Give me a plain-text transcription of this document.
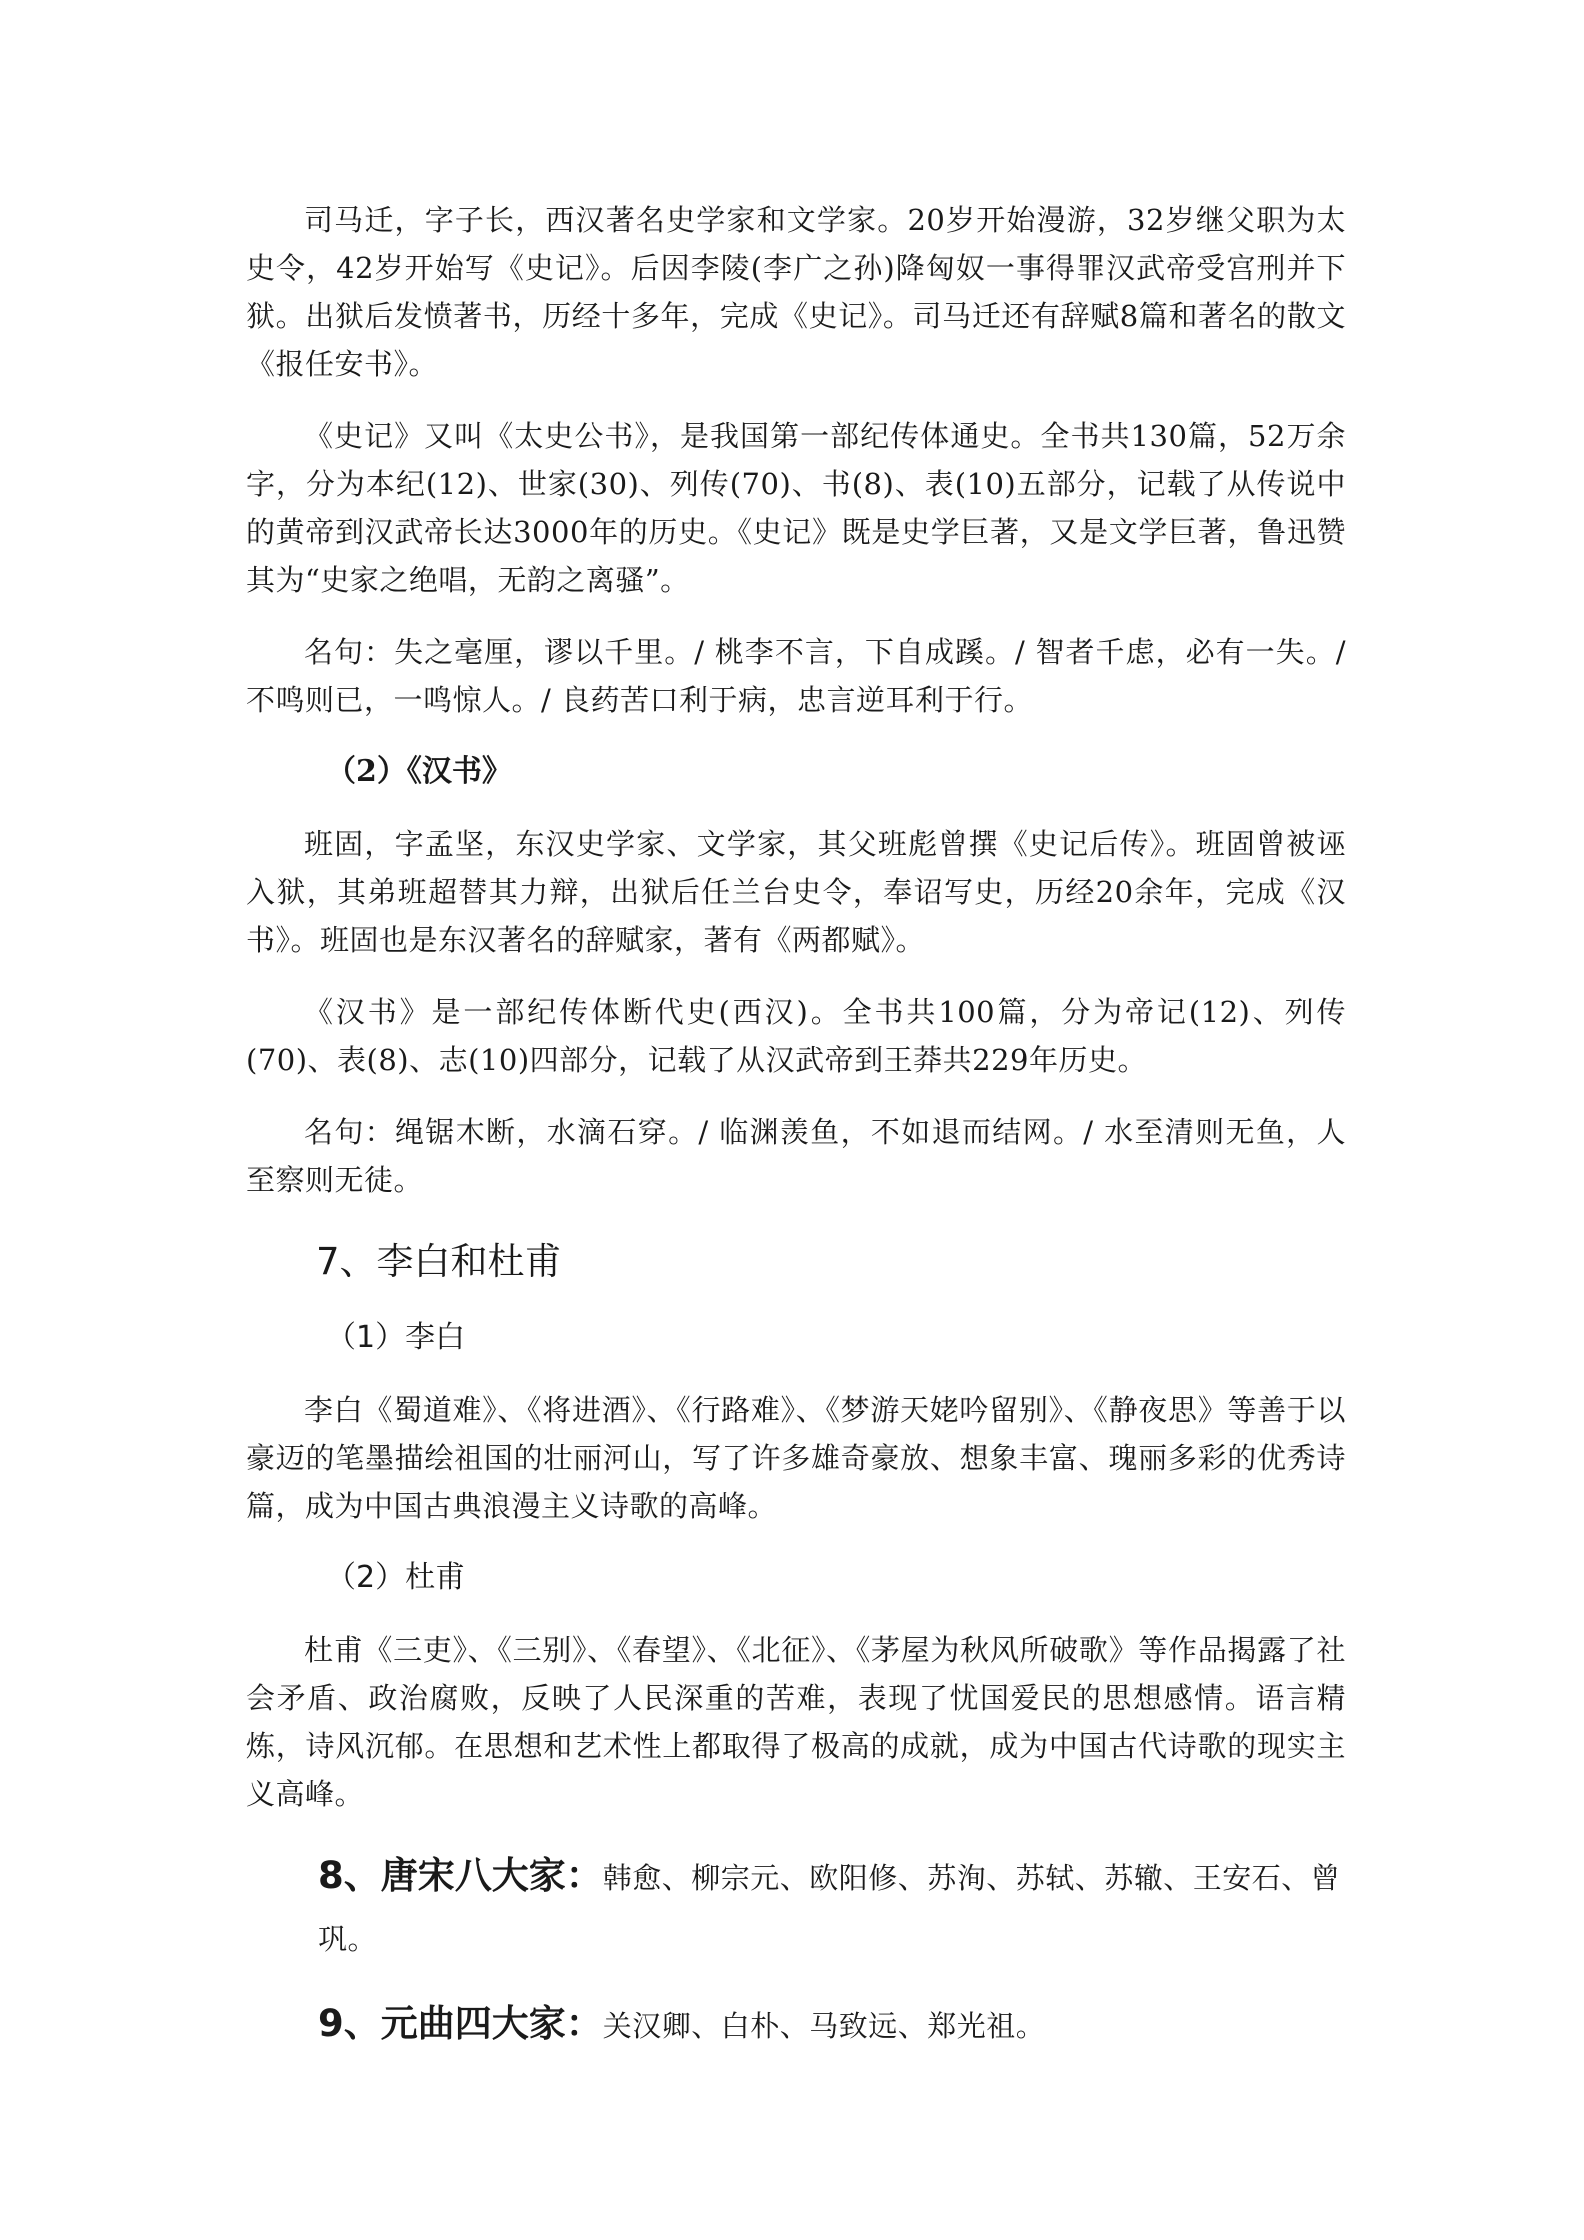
司马迁，字子长，西汉著名史学家和文学家。20岁开始漫游，32岁继父职为太史令，42岁开始写《史记》。后因李陵(李广之孙)降匈奴一事得罪汉武帝受宫刑并下狱。出狱后发愤著书，历经十多年，完成《史记》。司马迁还有辞赋8篇和著名的散文《报任安书》。

《史记》又叫《太史公书》，是我国第一部纪传体通史。全书共130篇，52万余字，分为本纪(12)、世家(30)、列传(70)、书(8)、表(10)五部分，记载了从传说中的黄帝到汉武帝长达3000年的历史。《史记》既是史学巨著，又是文学巨著，鲁迅赞其为“史家之绝唱，无韵之离骚”。

名句：失之毫厘，谬以千里。/ 桃李不言，下自成蹊。/ 智者千虑，必有一失。/ 不鸣则已，一鸣惊人。/ 良药苦口利于病，忠言逆耳利于行。

（2）《汉书》

班固，字孟坚，东汉史学家、文学家，其父班彪曾撰《史记后传》。班固曾被诬入狱，其弟班超替其力辩，出狱后任兰台史令，奉诏写史，历经20余年，完成《汉书》。班固也是东汉著名的辞赋家，著有《两都赋》。

《汉书》是一部纪传体断代史(西汉)。全书共100篇，分为帝记(12)、列传(70)、表(8)、志(10)四部分，记载了从汉武帝到王莽共229年历史。

名句：绳锯木断，水滴石穿。/ 临渊羡鱼，不如退而结网。/ 水至清则无鱼，人至察则无徒。

7、李白和杜甫
（1）李白

李白《蜀道难》、《将进酒》、《行路难》、《梦游天姥吟留别》、《静夜思》等善于以豪迈的笔墨描绘祖国的壮丽河山，写了许多雄奇豪放、想象丰富、瑰丽多彩的优秀诗篇，成为中国古典浪漫主义诗歌的高峰。

（2）杜甫

杜甫《三吏》、《三别》、《春望》、《北征》、《茅屋为秋风所破歌》等作品揭露了社会矛盾、政治腐败，反映了人民深重的苦难，表现了忧国爱民的思想感情。语言精炼，诗风沉郁。在思想和艺术性上都取得了极高的成就，成为中国古代诗歌的现实主义高峰。

8、唐宋八大家：韩愈、柳宗元、欧阳修、苏洵、苏轼、苏辙、王安石、曾巩。

9、元曲四大家：关汉卿、白朴、马致远、郑光祖。
